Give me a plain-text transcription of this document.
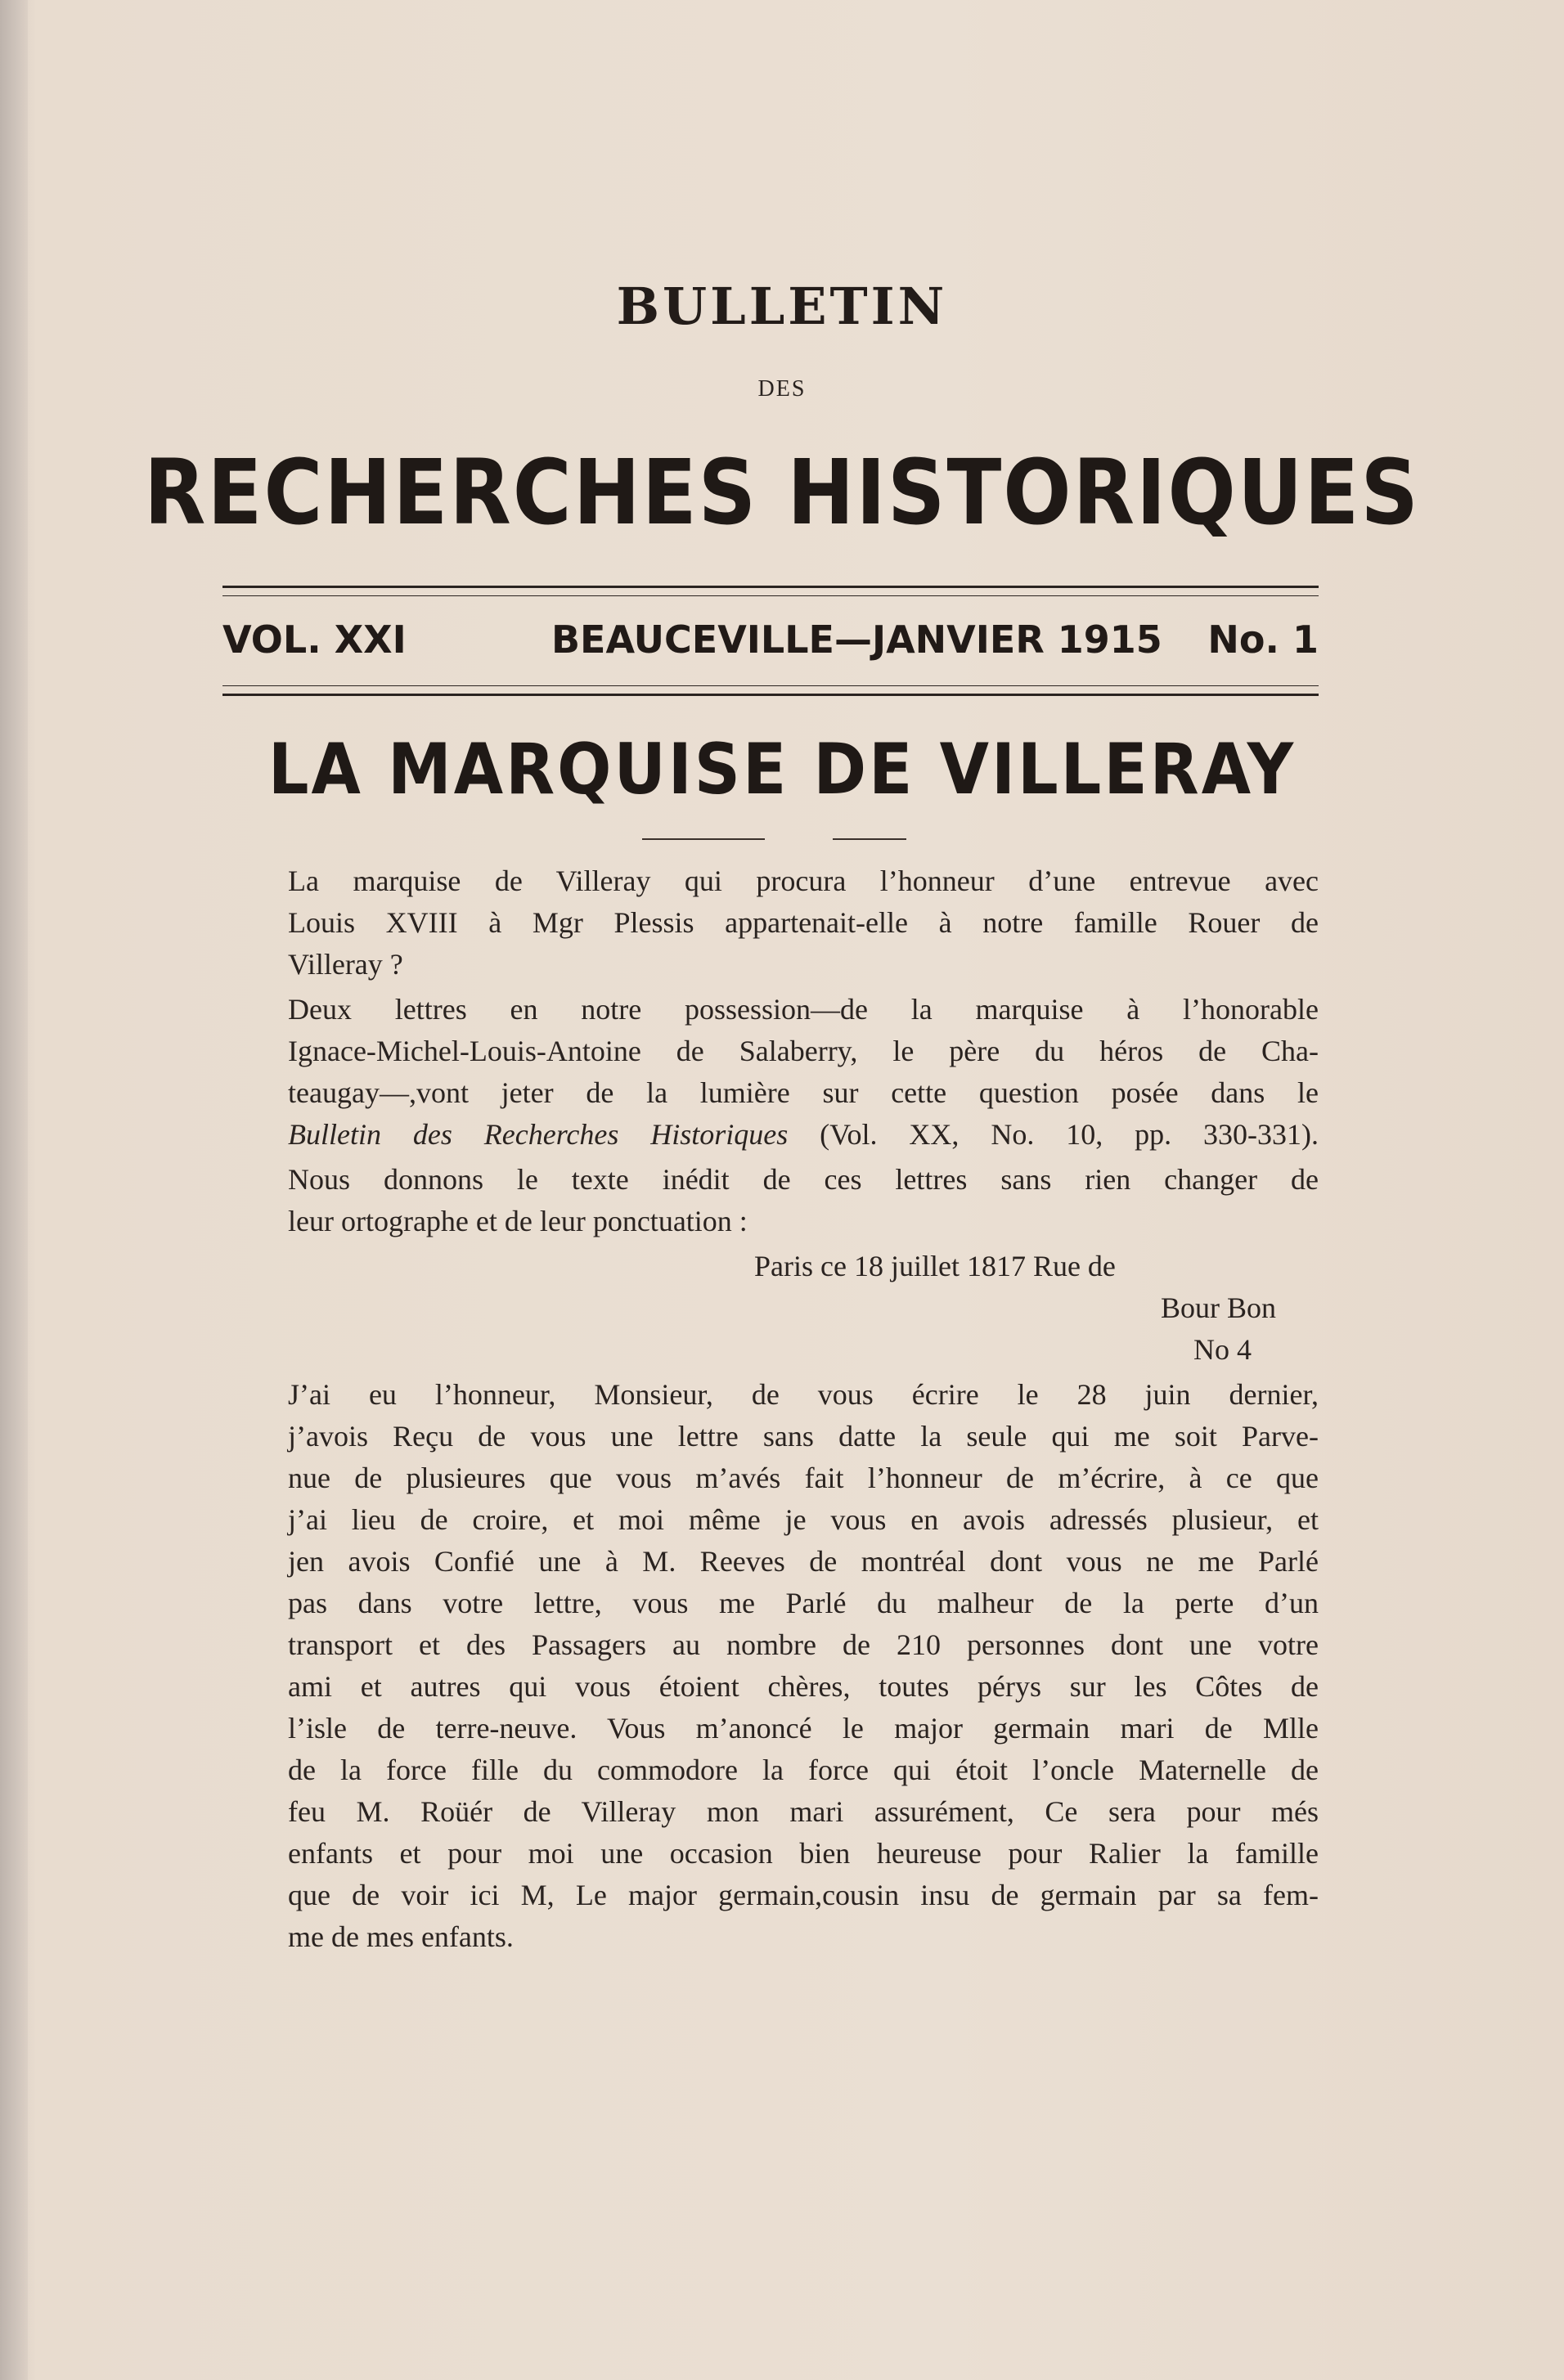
BULLETIN
DES
RECHERCHES HISTORIQUES
VOL. XXI	BEAUCEVILLE—JANVIER 1915 No. 1
LA MARQUISE DE VILLERAY
La marquise de Villeray qui procura l’honneur d’une entrevue avec
Louis XVIII à Mgr Plessis appartenait-elle à notre famille Rouer de
Villeray ?
Deux lettres en notre possession—de la marquise à l’honorable
Ignace-Michel-Louis-Antoine de Salaberry, le père du héros de Cha-
teaugay—,vont jeter de la lumière sur cette question posée dans le
Bulletin des Recherches Historiques (Vol. XX, No. 10, pp. 330-331).
Nous donnons le texte inédit de ces lettres sans rien changer de
leur ortographe et de leur ponctuation :
Paris ce 18 juillet 1817 Rue de
Bour Bon
No 4
J’ai eu l’honneur, Monsieur, de vous écrire le 28 juin dernier,
j’avois Reçu de vous une lettre sans datte la seule qui me soit Parve-
nue de plusieures que vous m’avés fait l’honneur de m’écrire, à ce que
j’ai lieu de croire, et moi même je vous en avois adressés plusieur, et
jen avois Confié une à M. Reeves de montréal dont vous ne me Parlé
pas dans votre lettre, vous me Parlé du malheur de la perte d’un
transport et des Passagers au nombre de 210 personnes dont une votre
ami et autres qui vous étoient chères, toutes pérys sur les Côtes de
l’isle de terre-neuve. Vous m’anoncé le major germain mari de Mlle
de la force fille du commodore la force qui étoit l’oncle Maternelle de
feu M. Roüér de Villeray mon mari assurément, Ce sera pour més
enfants et pour moi une occasion bien heureuse pour Ralier la famille
que de voir ici M, Le major germain,cousin insu de germain par sa fem-
me de mes enfants.
